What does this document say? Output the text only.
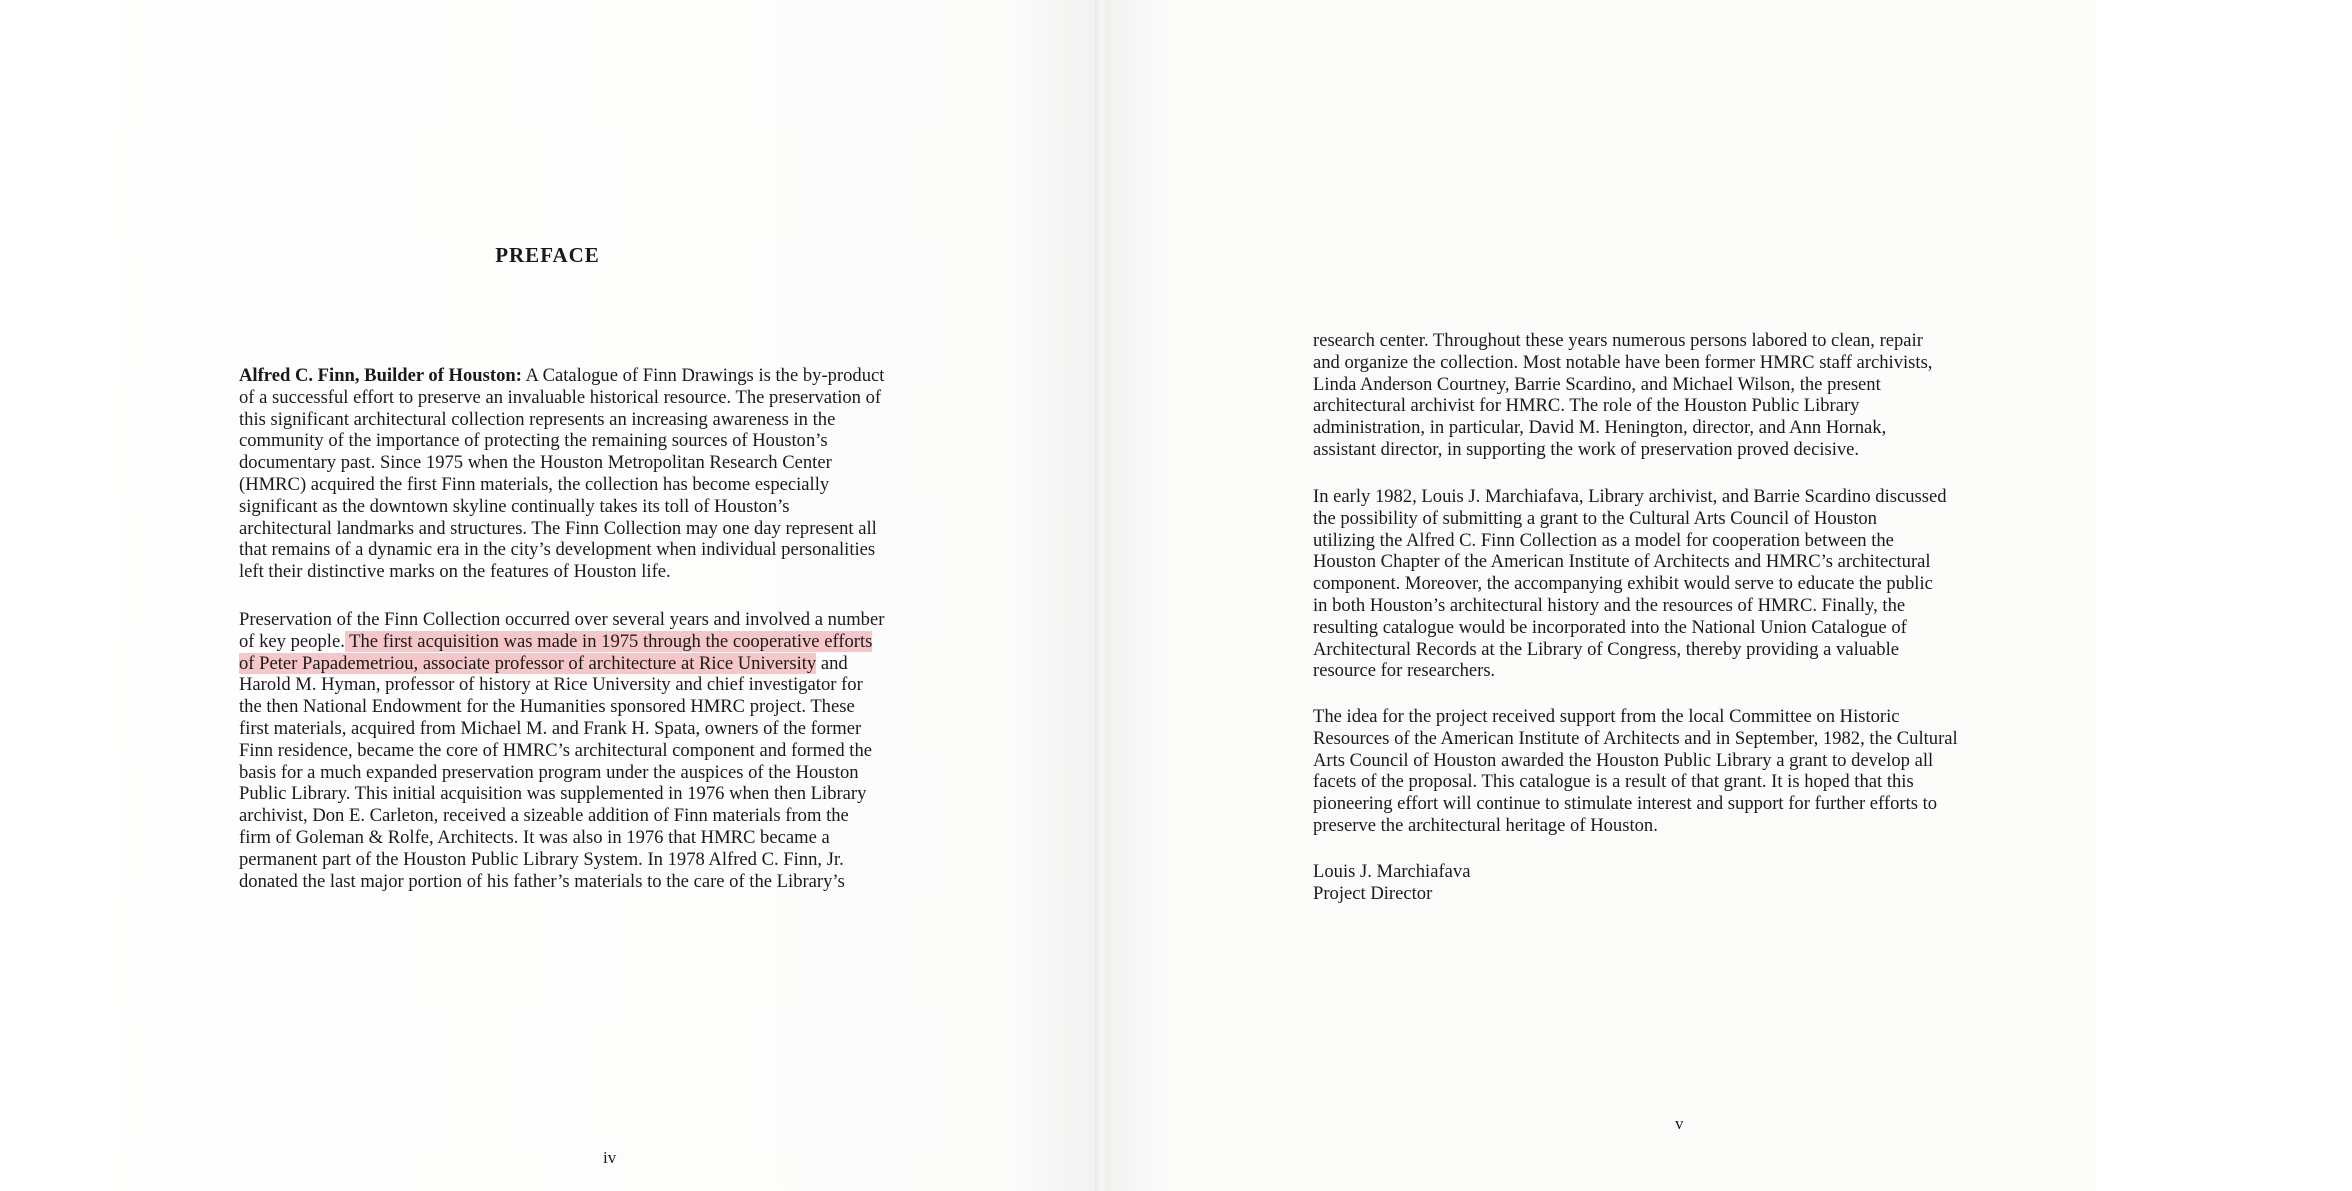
PREFACE

Alfred C. Finn, Builder of Houston: A Catalogue of Finn Drawings is the by-product
of a successful effort to preserve an invaluable historical resource. The preservation of
this significant architectural collection represents an increasing awareness in the
community of the importance of protecting the remaining sources of Houston’s
documentary past. Since 1975 when the Houston Metropolitan Research Center
(HMRC) acquired the first Finn materials, the collection has become especially
significant as the downtown skyline continually takes its toll of Houston’s
architectural landmarks and structures. The Finn Collection may one day represent all
that remains of a dynamic era in the city’s development when individual personalities
left their distinctive marks on the features of Houston life.

Preservation of the Finn Collection occurred over several years and involved a number
of key people. The first acquisition was made in 1975 through the cooperative efforts
of Peter Papademetriou, associate professor of architecture at Rice University and
Harold M. Hyman, professor of history at Rice University and chief investigator for
the then National Endowment for the Humanities sponsored HMRC project. These
first materials, acquired from Michael M. and Frank H. Spata, owners of the former
Finn residence, became the core of HMRC’s architectural component and formed the
basis for a much expanded preservation program under the auspices of the Houston
Public Library. This initial acquisition was supplemented in 1976 when then Library
archivist, Don E. Carleton, received a sizeable addition of Finn materials from the
firm of Goleman & Rolfe, Architects. It was also in 1976 that HMRC became a
permanent part of the Houston Public Library System. In 1978 Alfred C. Finn, Jr.
donated the last major portion of his father’s materials to the care of the Library’s

iv

research center. Throughout these years numerous persons labored to clean, repair
and organize the collection. Most notable have been former HMRC staff archivists,
Linda Anderson Courtney, Barrie Scardino, and Michael Wilson, the present
architectural archivist for HMRC. The role of the Houston Public Library
administration, in particular, David M. Henington, director, and Ann Hornak,
assistant director, in supporting the work of preservation proved decisive.

In early 1982, Louis J. Marchiafava, Library archivist, and Barrie Scardino discussed
the possibility of submitting a grant to the Cultural Arts Council of Houston
utilizing the Alfred C. Finn Collection as a model for cooperation between the
Houston Chapter of the American Institute of Architects and HMRC’s architectural
component. Moreover, the accompanying exhibit would serve to educate the public
in both Houston’s architectural history and the resources of HMRC. Finally, the
resulting catalogue would be incorporated into the National Union Catalogue of
Architectural Records at the Library of Congress, thereby providing a valuable
resource for researchers.

The idea for the project received support from the local Committee on Historic
Resources of the American Institute of Architects and in September, 1982, the Cultural
Arts Council of Houston awarded the Houston Public Library a grant to develop all
facets of the proposal. This catalogue is a result of that grant. It is hoped that this
pioneering effort will continue to stimulate interest and support for further efforts to
preserve the architectural heritage of Houston.

Louis J. Marchiafava

Project Director

v
